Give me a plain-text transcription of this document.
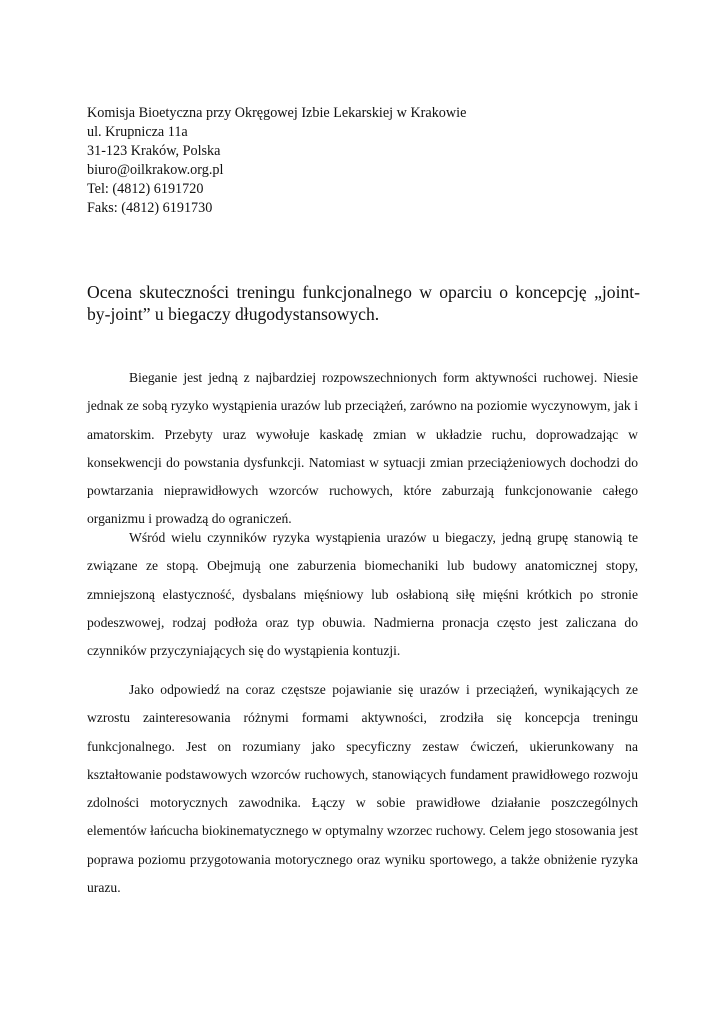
Komisja Bioetyczna przy Okręgowej Izbie Lekarskiej w Krakowie
ul. Krupnicza 11a
31-123 Kraków, Polska
biuro@oilkrakow.org.pl
Tel: (4812) 6191720
Faks: (4812) 6191730
Ocena skuteczności treningu funkcjonalnego w oparciu o koncepcję „joint-by-joint” u biegaczy długodystansowych.

Bieganie jest jedną z najbardziej rozpowszechnionych form aktywności ruchowej. Niesie jednak ze sobą ryzyko wystąpienia urazów lub przeciążeń, zarówno na poziomie wyczynowym, jak i amatorskim. Przebyty uraz wywołuje kaskadę zmian w układzie ruchu, doprowadzając w konsekwencji do powstania dysfunkcji. Natomiast w sytuacji zmian przeciążeniowych dochodzi do powtarzania nieprawidłowych wzorców ruchowych, które zaburzają funkcjonowanie całego organizmu i prowadzą do ograniczeń.

Wśród wielu czynników ryzyka wystąpienia urazów u biegaczy, jedną grupę stanowią te związane ze stopą. Obejmują one zaburzenia biomechaniki lub budowy anatomicznej stopy, zmniejszoną elastyczność, dysbalans mięśniowy lub osłabioną siłę mięśni krótkich po stronie podeszwowej, rodzaj podłoża oraz typ obuwia. Nadmierna pronacja często jest zaliczana do czynników przyczyniających się do wystąpienia kontuzji.

Jako odpowiedź na coraz częstsze pojawianie się urazów i przeciążeń, wynikających ze wzrostu zainteresowania różnymi formami aktywności, zrodziła się koncepcja treningu funkcjonalnego. Jest on rozumiany jako specyficzny zestaw ćwiczeń, ukierunkowany na kształtowanie podstawowych wzorców ruchowych, stanowiących fundament prawidłowego rozwoju zdolności motorycznych zawodnika. Łączy w sobie prawidłowe działanie poszczególnych elementów łańcucha biokinematycznego w optymalny wzorzec ruchowy. Celem jego stosowania jest poprawa poziomu przygotowania motorycznego oraz wyniku sportowego, a także obniżenie ryzyka urazu.
